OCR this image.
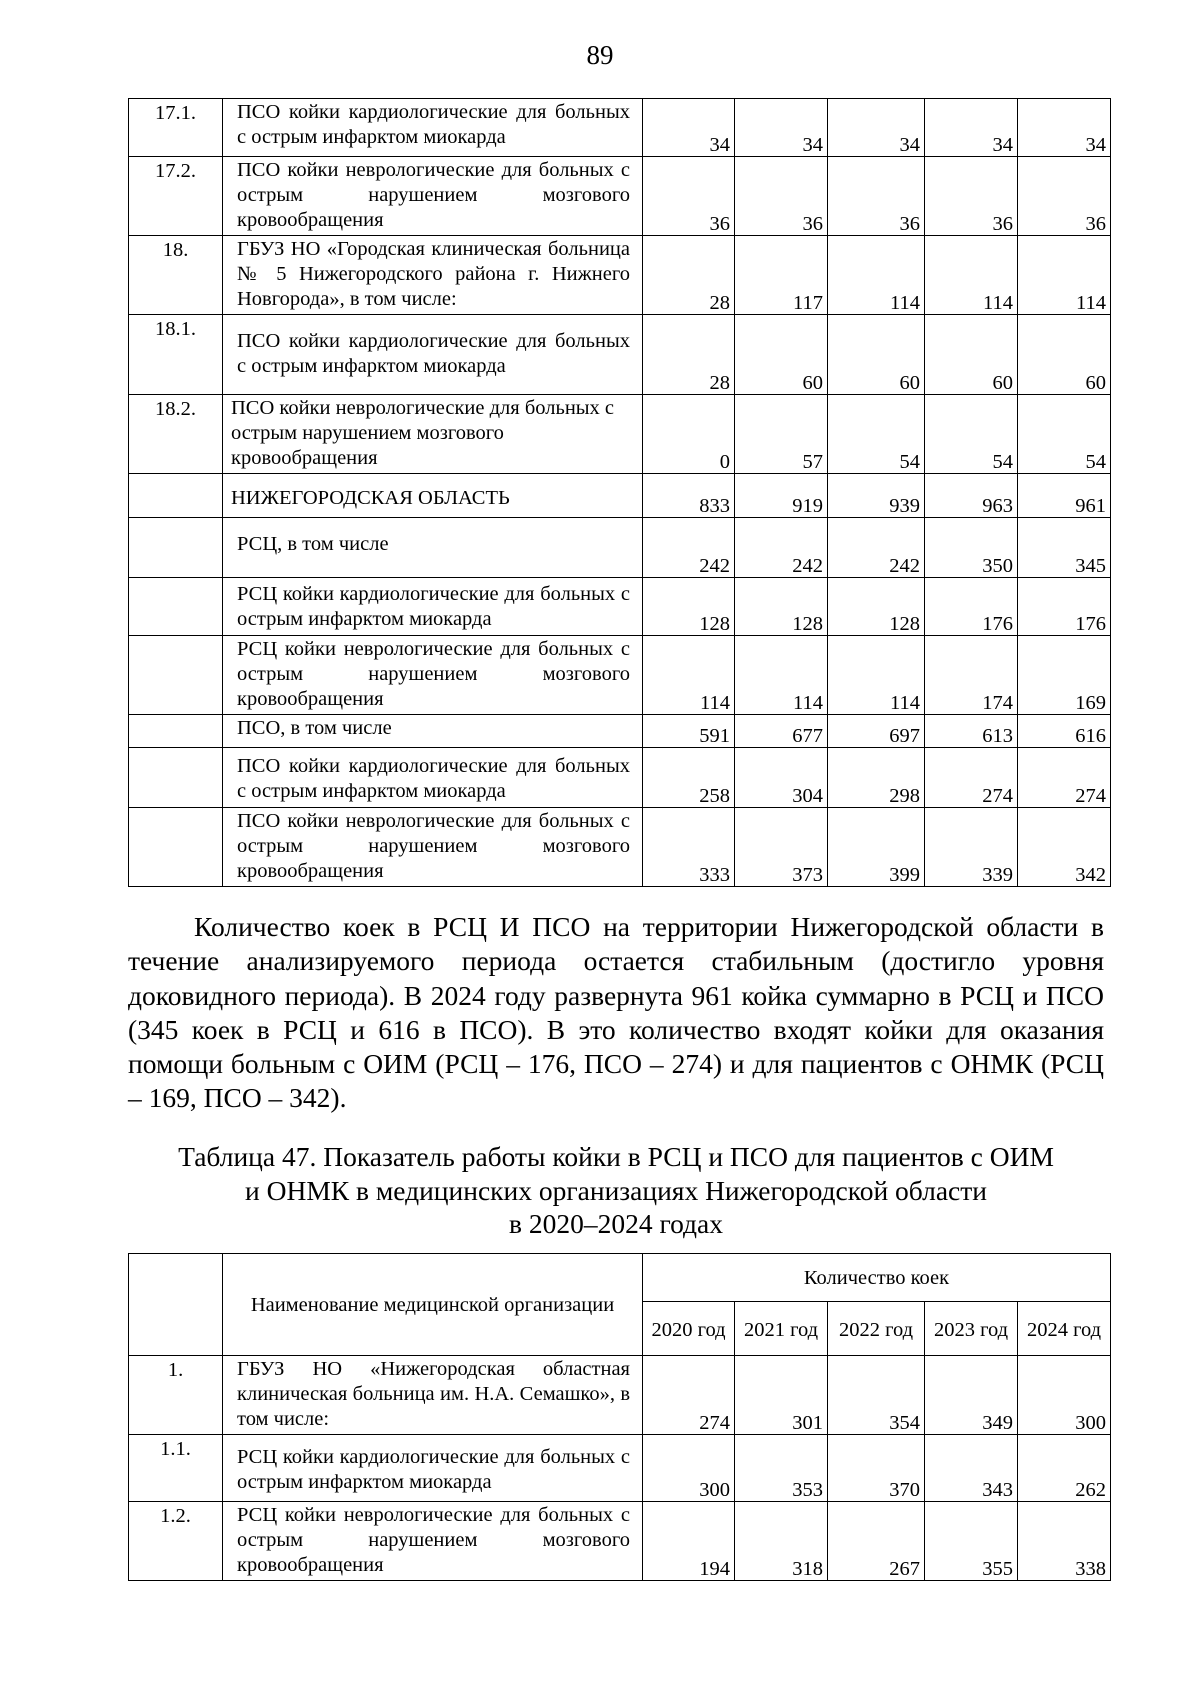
89
17.1.	ПСО койки кардиологические для больных с острым инфарктом миокарда	34	34	34	34	34
17.2.	ПСО койки неврологические для больных с острым нарушением мозгового кровообращения	36	36	36	36	36
18.	ГБУЗ НО «Городская клиническая больница № 5 Нижегородского района г. Нижнего Новгорода», в том числе:	28	117	114	114	114
18.1.	ПСО койки кардиологические для больных с острым инфарктом миокарда	28	60	60	60	60
18.2.	ПСО койки неврологические для больных с острым нарушением мозгового кровообращения	0	57	54	54	54
	НИЖЕГОРОДСКАЯ ОБЛАСТЬ	833	919	939	963	961
	РСЦ, в том числе	242	242	242	350	345
	РСЦ койки кардиологические для больных с острым инфарктом миокарда	128	128	128	176	176
	РСЦ койки неврологические для больных с острым нарушением мозгового кровообращения	114	114	114	174	169
	ПСО, в том числе	591	677	697	613	616
	ПСО койки кардиологические для больных с острым инфарктом миокарда	258	304	298	274	274
	ПСО койки неврологические для больных с острым нарушением мозгового кровообращения	333	373	399	339	342

Количество коек в РСЦ И ПСО на территории Нижегородской области в течение анализируемого периода остается стабильным (достигло уровня доковидного периода). В 2024 году развернута 961 койка суммарно в РСЦ и ПСО (345 коек в РСЦ и 616 в ПСО). В это количество входят койки для оказания помощи больным с ОИМ (РСЦ – 176, ПСО – 274) и для пациентов с ОНМК (РСЦ – 169, ПСО – 342).

Таблица 47. Показатель работы койки в РСЦ и ПСО для пациентов с ОИМ
и ОНМК в медицинских организациях Нижегородской области
в 2020–2024 годах
	Наименование медицинской организации	Количество коек				
		2020 год	2021 год	2022 год	2023 год	2024 год
1.	ГБУЗ НО «Нижегородская областная клиническая больница им. Н.А. Семашко», в том числе:	274	301	354	349	300
1.1.	РСЦ койки кардиологические для больных с острым инфарктом миокарда	300	353	370	343	262
1.2.	РСЦ койки неврологические для больных с острым нарушением мозгового кровообращения	194	318	267	355	338
